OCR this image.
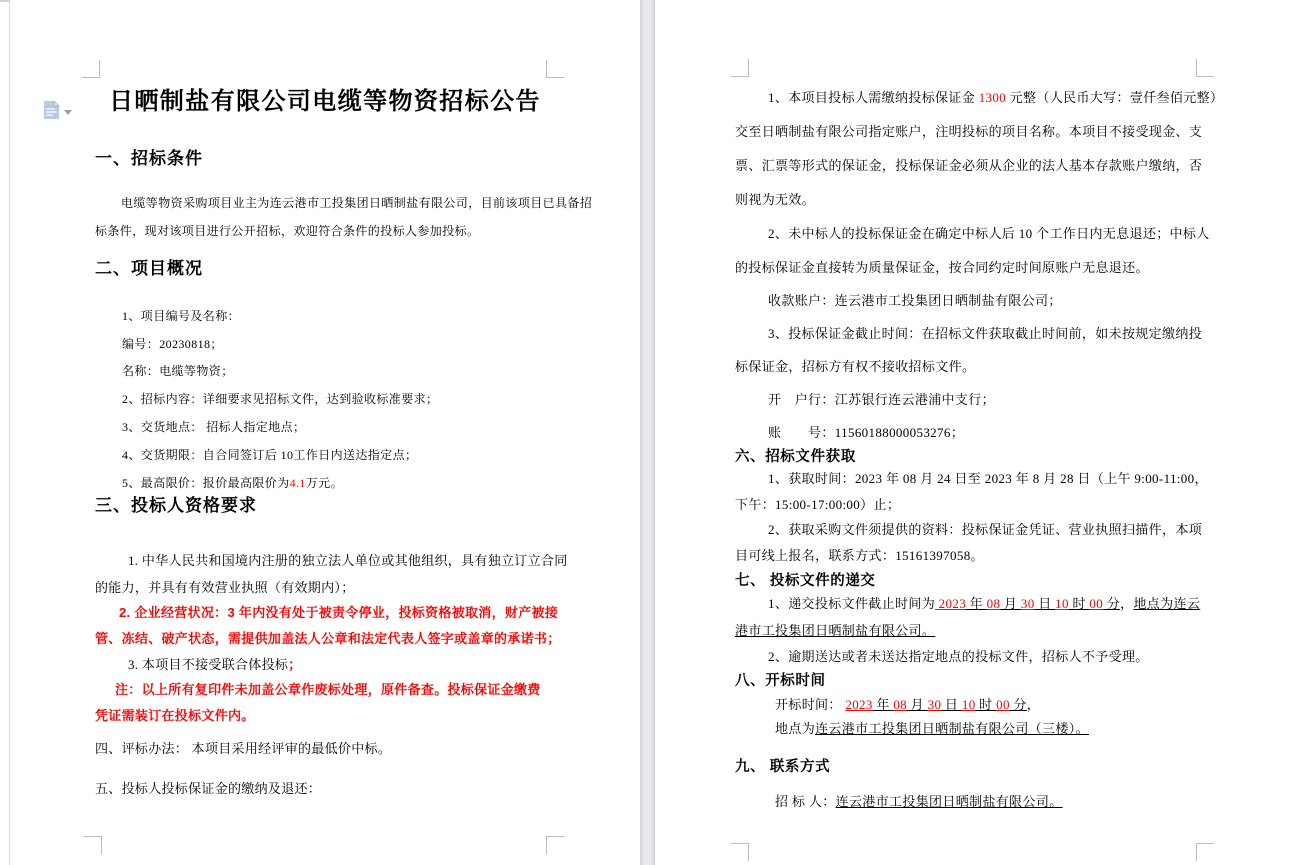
日晒制盐有限公司电缆等物资招标公告
一、招标条件
电缆等物资采购项目业主为连云港市工投集团日晒制盐有限公司，目前该项目已具备招
标条件，现对该项目进行公开招标，欢迎符合条件的投标人参加投标。
二、项目概况
1、项目编号及名称：
编号：20230818；
名称：电缆等物资；
2、招标内容：详细要求见招标文件，达到验收标准要求；
3、交货地点： 招标人指定地点；
4、交货期限：自合同签订后 10工作日内送达指定点；
5、最高限价：报价最高限价为4.1万元。
三、投标人资格要求
1. 中华人民共和国境内注册的独立法人单位或其他组织，具有独立订立合同
的能力，并具有有效营业执照（有效期内）；
2. 企业经营状况：3 年内没有处于被责令停业，投标资格被取消，财产被接
管、冻结、破产状态，需提供加盖法人公章和法定代表人签字或盖章的承诺书；
3. 本项目不接受联合体投标；
注：以上所有复印件未加盖公章作废标处理，原件备查。投标保证金缴费
凭证需装订在投标文件内。
四、评标办法： 本项目采用经评审的最低价中标。
五、投标人投标保证金的缴纳及退还：
1、本项目投标人需缴纳投标保证金 1300 元整（人民币大写：壹仟叁佰元整）
交至日晒制盐有限公司指定账户，注明投标的项目名称。本项目不接受现金、支
票、汇票等形式的保证金，投标保证金必须从企业的法人基本存款账户缴纳，否
则视为无效。
2、未中标人的投标保证金在确定中标人后 10 个工作日内无息退还；中标人
的投标保证金直接转为质量保证金，按合同约定时间原账户无息退还。
收款账户：连云港市工投集团日晒制盐有限公司；
3、投标保证金截止时间：在招标文件获取截止时间前，如未按规定缴纳投
标保证金，招标方有权不接收招标文件。
开　户行：江苏银行连云港浦中支行；
账　　号：11560188000053276；
六、招标文件获取
1、获取时间：2023 年 08 月 24 日至 2023 年 8 月 28 日（上午 9:00-11:00，
下午：15:00-17:00:00）止；
2、获取采购文件须提供的资料：投标保证金凭证、营业执照扫描件，本项
目可线上报名，联系方式：15161397058。
七、 投标文件的递交
1、递交投标文件截止时间为 2023 年 08 月 30 日 10 时 00 分，地点为连云
港市工投集团日晒制盐有限公司。
2、逾期送达或者未送达指定地点的投标文件，招标人不予受理。
八、开标时间
开标时间： 2023 年 08 月 30 日 10 时 00 分，
地点为连云港市工投集团日晒制盐有限公司（三楼）。
九、 联系方式
招 标 人：连云港市工投集团日晒制盐有限公司。
